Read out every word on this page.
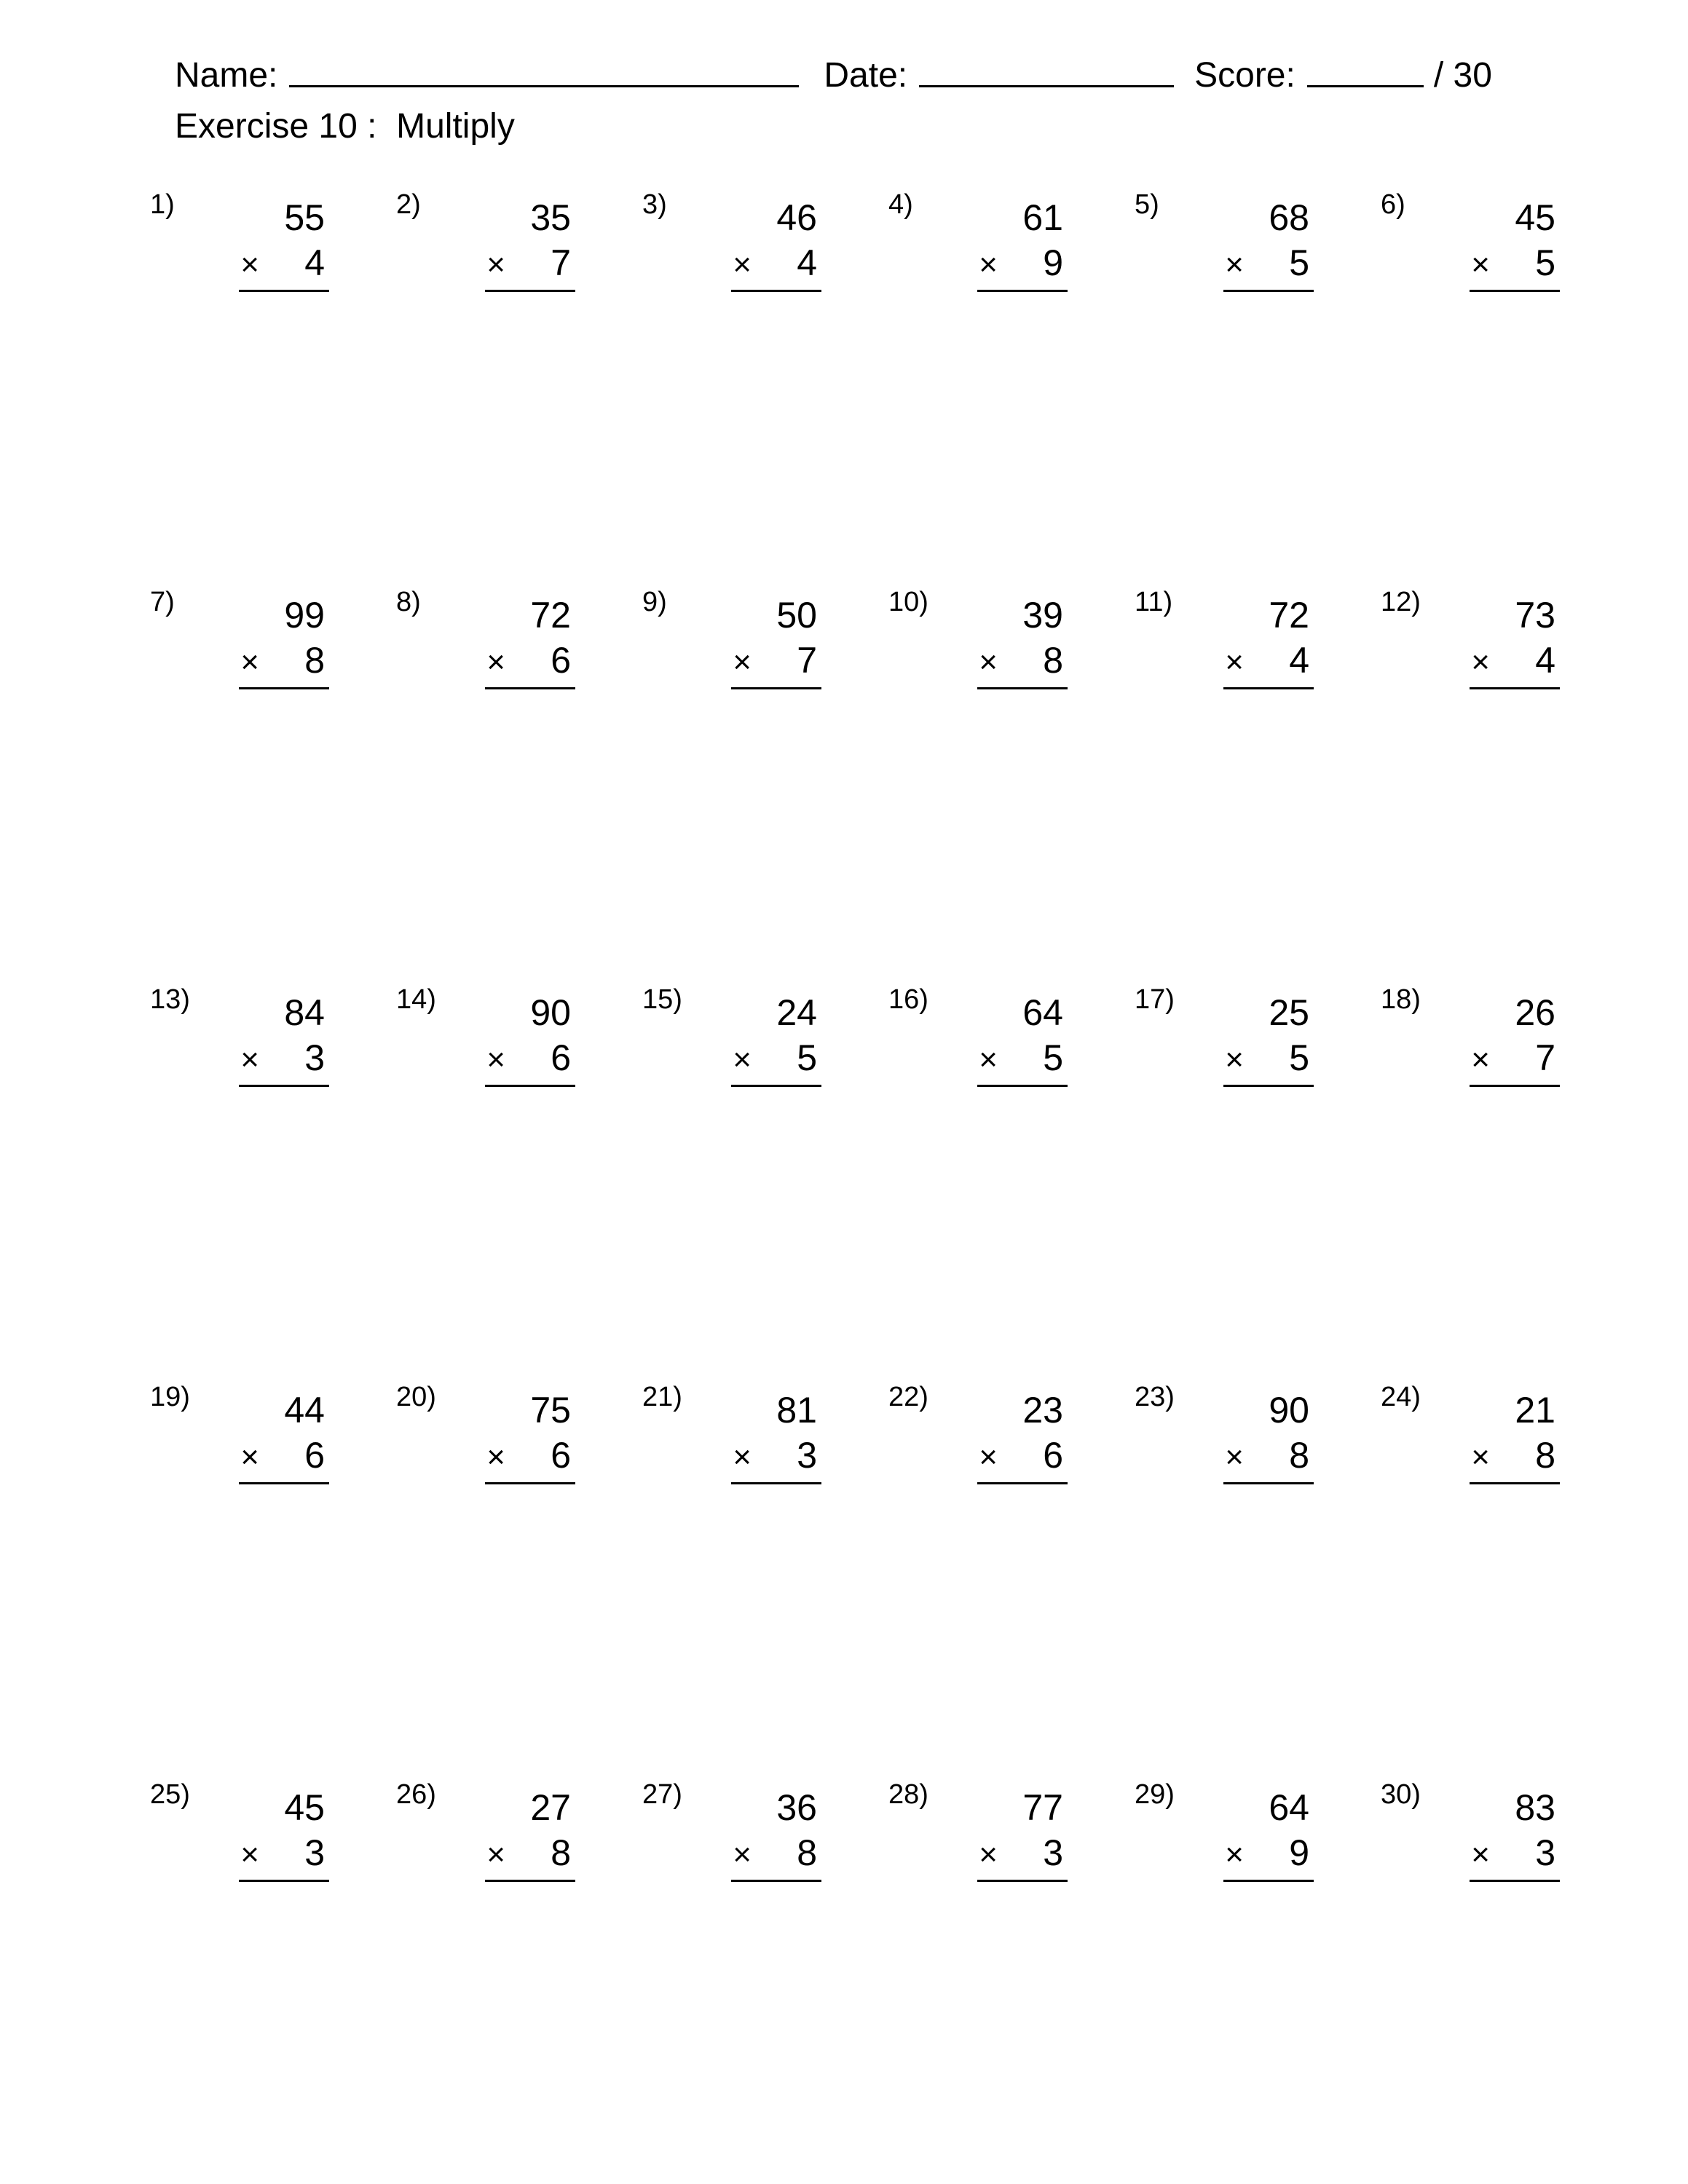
Name:	Date:	Score:	/ 30
Exercise 10 :  Multiply
1)	55
×	4
2)	35
×	7
3)	46
×	4
4)	61
×	9
5)	68
×	5
6)	45
×	5
7)	99
×	8
8)	72
×	6
9)	50
×	7
10)	39
×	8
11)	72
×	4
12)	73
×	4
13)	84
×	3
14)	90
×	6
15)	24
×	5
16)	64
×	5
17)	25
×	5
18)	26
×	7
19)	44
×	6
20)	75
×	6
21)	81
×	3
22)	23
×	6
23)	90
×	8
24)	21
×	8
25)	45
×	3
26)	27
×	8
27)	36
×	8
28)	77
×	3
29)	64
×	9
30)	83
×	3
